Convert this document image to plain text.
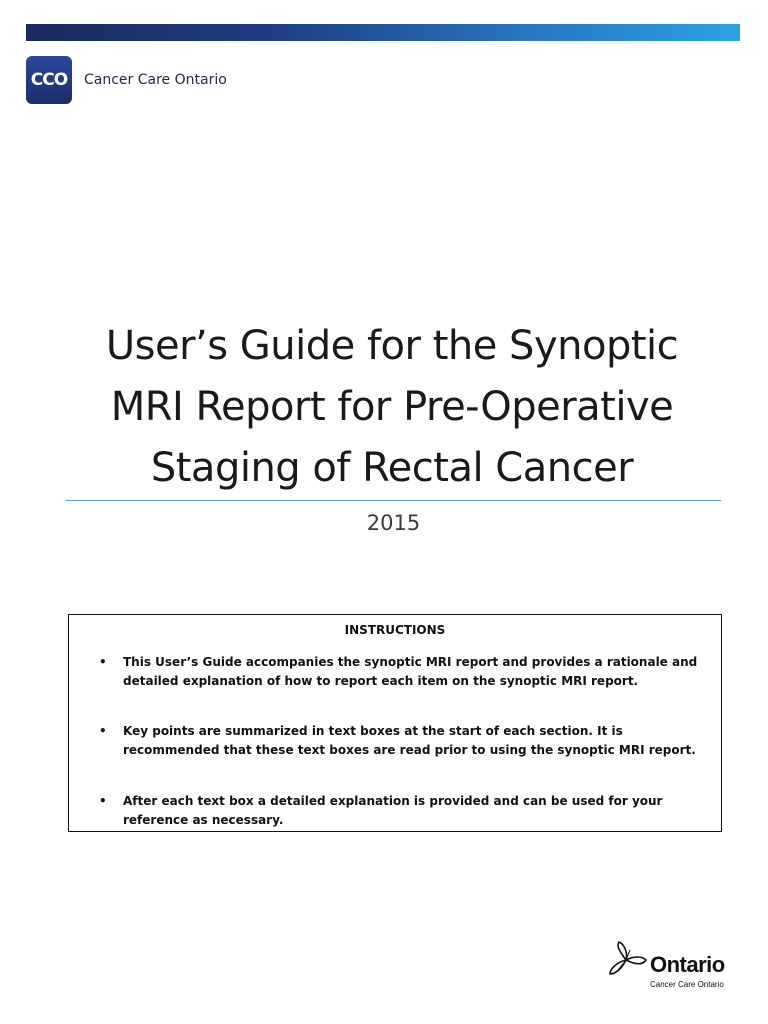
CCO	Cancer Care Ontario
User’s Guide for the Synoptic
MRI Report for Pre-Operative
Staging of Rectal Cancer
2015
INSTRUCTIONS
• This User’s Guide accompanies the synoptic MRI report and provides a rationale and detailed explanation of how to report each item on the synoptic MRI report.
• Key points are summarized in text boxes at the start of each section. It is recommended that these text boxes are read prior to using the synoptic MRI report.
• After each text box a detailed explanation is provided and can be used for your reference as necessary.
Ontario
Cancer Care Ontario
